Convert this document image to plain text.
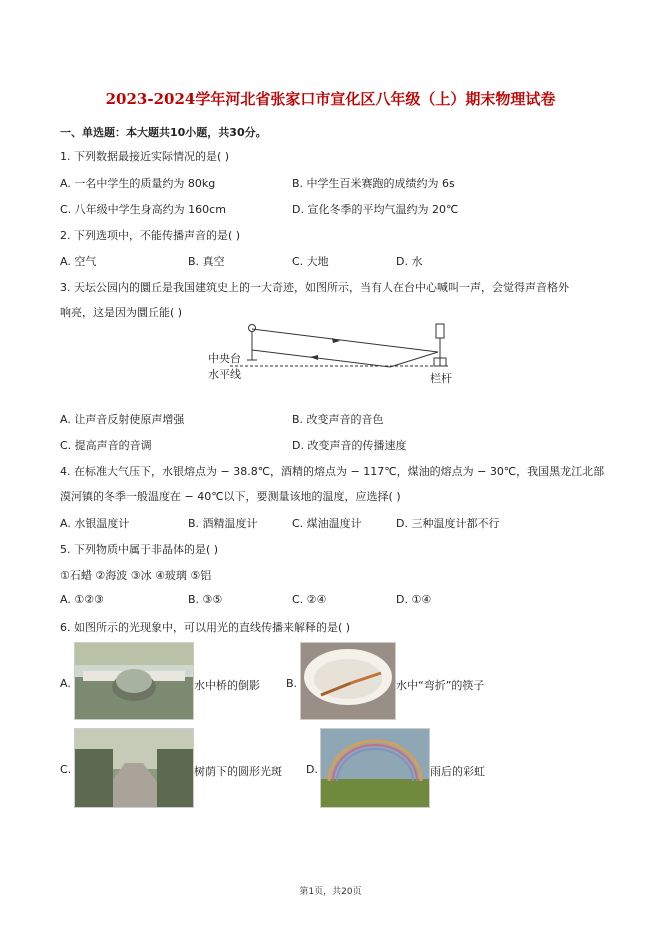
2023-2024学年河北省张家口市宣化区八年级（上）期末物理试卷
一、单选题：本大题共10小题，共30分。
1. 下列数据最接近实际情况的是( )
A. 一名中学生的质量约为 80kg	B. 中学生百米赛跑的成绩约为 6s
C. 八年级中学生身高约为 160cm	D. 宣化冬季的平均气温约为 20℃
2. 下列选项中，不能传播声音的是( )
A. 空气	B. 真空	C. 大地	D. 水
3. 天坛公园内的圜丘是我国建筑史上的一大奇迹，如图所示，当有人在台中心喊叫一声，会觉得声音格外
响亮，这是因为圜丘能( )
中央台
水平线	栏杆
A. 让声音反射使原声增强	B. 改变声音的音色
C. 提高声音的音调	D. 改变声音的传播速度
4. 在标准大气压下，水银熔点为 − 38.8℃，酒精的熔点为 − 117℃，煤油的熔点为 − 30℃，我国黑龙江北部
漠河镇的冬季一般温度在 − 40℃以下，要测量该地的温度，应选择( )
A. 水银温度计	B. 酒精温度计	C. 煤油温度计	D. 三种温度计都不行
5. 下列物质中属于非晶体的是( )
①石蜡 ②海波 ③冰 ④玻璃 ⑤铝
A. ①②③	B. ③⑤	C. ②④	D. ①④
6. 如图所示的光现象中，可以用光的直线传播来解释的是( )
A.	水中桥的倒影 B.	水中“弯折”的筷子
C.	树荫下的圆形光斑 D.	雨后的彩虹
第1页，共20页
